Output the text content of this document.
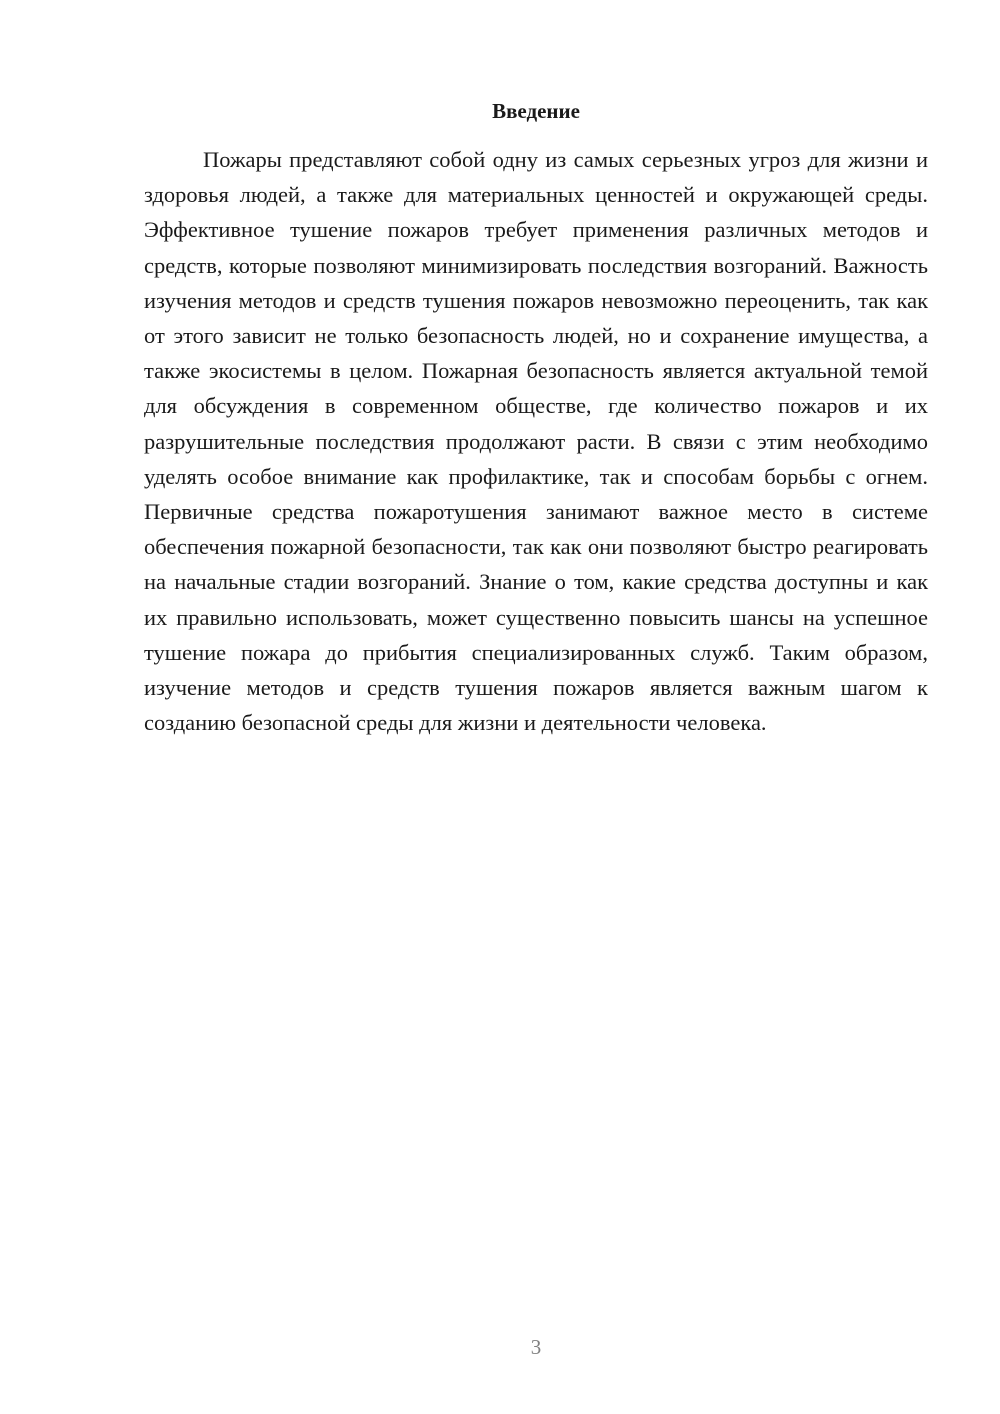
Введение

Пожары представляют собой одну из самых серьезных угроз для жизни и здоровья людей, а также для материальных ценностей и окружающей среды. Эффективное тушение пожаров требует применения различных методов и средств, которые позволяют минимизировать последствия возгораний. Важность изучения методов и средств тушения пожаров невозможно переоценить, так как от этого зависит не только безопасность людей, но и сохранение имущества, а также экосистемы в целом. Пожарная безопасность является актуальной темой для обсуждения в современном обществе, где количество пожаров и их разрушительные последствия продолжают расти. В связи с этим необходимо уделять особое внимание как профилактике, так и способам борьбы с огнем. Первичные средства пожаротушения занимают важное место в системе обеспечения пожарной безопасности, так как они позволяют быстро реагировать на начальные стадии возгораний. Знание о том, какие средства доступны и как их правильно использовать, может существенно повысить шансы на успешное тушение пожара до прибытия специализированных служб. Таким образом, изучение методов и средств тушения пожаров является важным шагом к созданию безопасной среды для жизни и деятельности человека.

3
